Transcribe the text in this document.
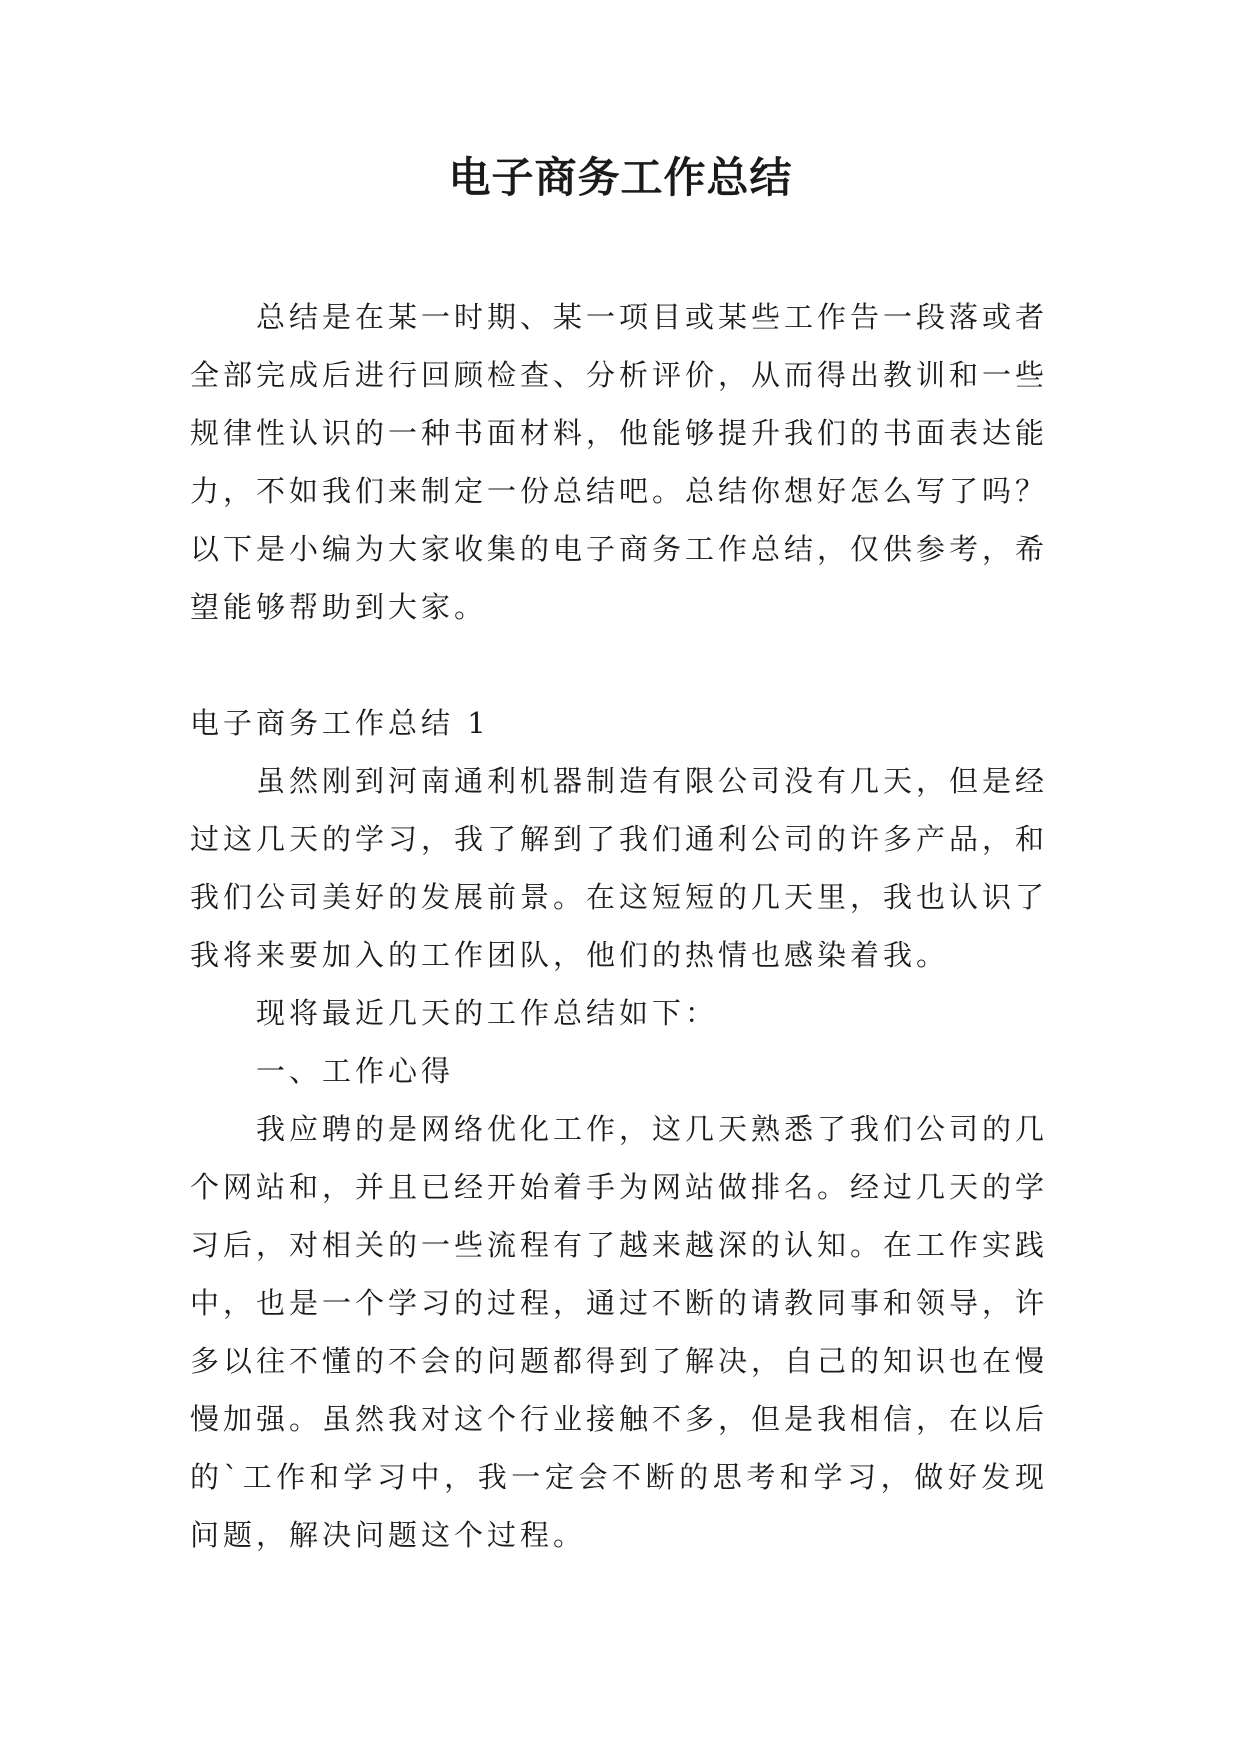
电子商务工作总结

总结是在某一时期、某一项目或某些工作告一段落或者全部完成后进行回顾检查、分析评价，从而得出教训和一些规律性认识的一种书面材料，他能够提升我们的书面表达能力，不如我们来制定一份总结吧。总结你想好怎么写了吗？以下是小编为大家收集的电子商务工作总结，仅供参考，希望能够帮助到大家。

电子商务工作总结 1

虽然刚到河南通利机器制造有限公司没有几天，但是经过这几天的学习，我了解到了我们通利公司的许多产品，和我们公司美好的发展前景。在这短短的几天里，我也认识了我将来要加入的工作团队，他们的热情也感染着我。

现将最近几天的工作总结如下：

一、工作心得

我应聘的是网络优化工作，这几天熟悉了我们公司的几个网站和，并且已经开始着手为网站做排名。经过几天的学习后，对相关的一些流程有了越来越深的认知。在工作实践中，也是一个学习的过程，通过不断的请教同事和领导，许多以往不懂的不会的问题都得到了解决，自己的知识也在慢慢加强。虽然我对这个行业接触不多，但是我相信，在以后的`工作和学习中，我一定会不断的思考和学习，做好发现问题，解决问题这个过程。
